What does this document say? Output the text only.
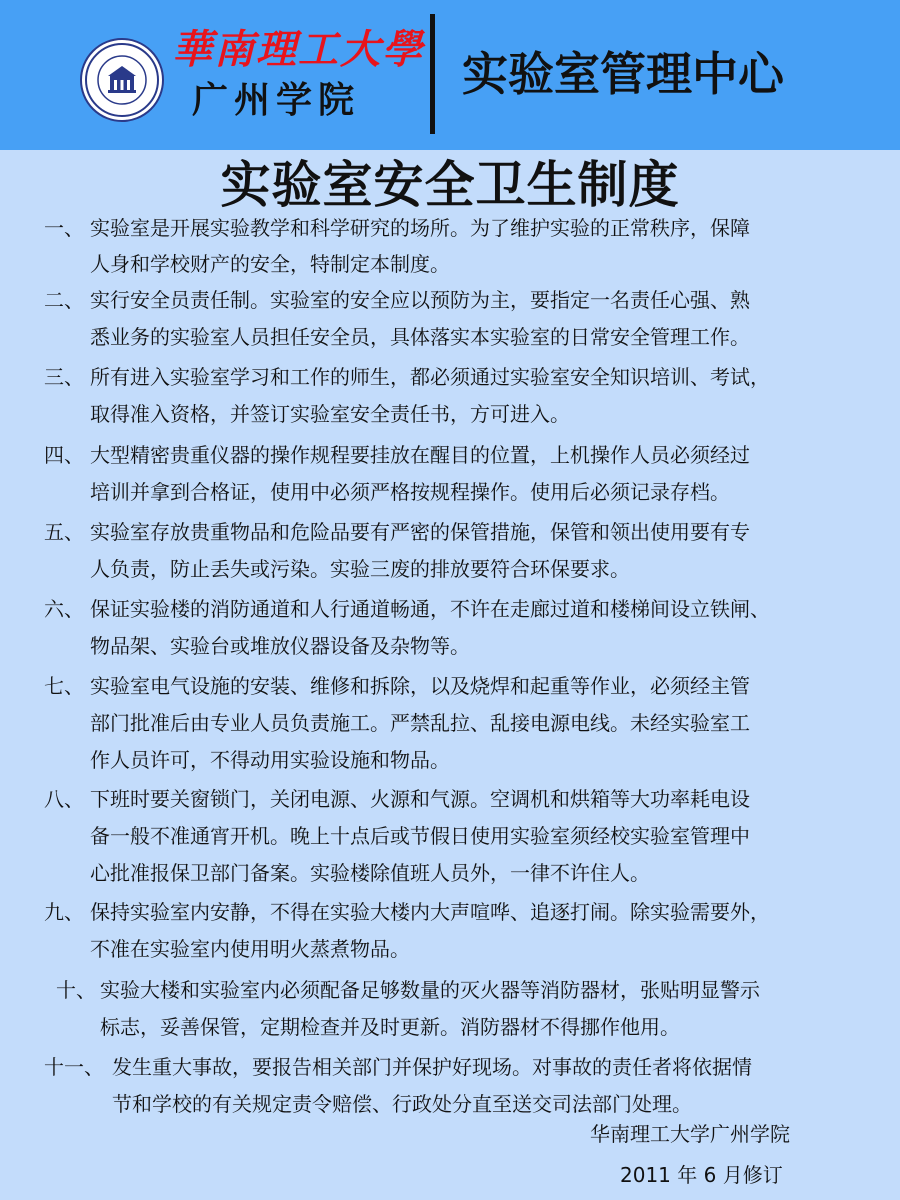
華南理工大學
广州学院	实验室管理中心
实验室安全卫生制度
一、 实验室是开展实验教学和科学研究的场所。为了维护实验的正常秩序，保障
人身和学校财产的安全，特制定本制度。
二、 实行安全员责任制。实验室的安全应以预防为主，要指定一名责任心强、熟
悉业务的实验室人员担任安全员，具体落实本实验室的日常安全管理工作。
三、 所有进入实验室学习和工作的师生，都必须通过实验室安全知识培训、考试，
取得准入资格，并签订实验室安全责任书，方可进入。
四、 大型精密贵重仪器的操作规程要挂放在醒目的位置，上机操作人员必须经过
培训并拿到合格证，使用中必须严格按规程操作。使用后必须记录存档。
五、 实验室存放贵重物品和危险品要有严密的保管措施，保管和领出使用要有专
人负责，防止丢失或污染。实验三废的排放要符合环保要求。
六、 保证实验楼的消防通道和人行通道畅通，不许在走廊过道和楼梯间设立铁闸、
物品架、实验台或堆放仪器设备及杂物等。
七、 实验室电气设施的安装、维修和拆除，以及烧焊和起重等作业，必须经主管
部门批准后由专业人员负责施工。严禁乱拉、乱接电源电线。未经实验室工
作人员许可，不得动用实验设施和物品。
八、 下班时要关窗锁门，关闭电源、火源和气源。空调机和烘箱等大功率耗电设
备一般不准通宵开机。晚上十点后或节假日使用实验室须经校实验室管理中
心批准报保卫部门备案。实验楼除值班人员外，一律不许住人。
九、 保持实验室内安静，不得在实验大楼内大声喧哗、追逐打闹。除实验需要外，
不准在实验室内使用明火蒸煮物品。
十、 实验大楼和实验室内必须配备足够数量的灭火器等消防器材，张贴明显警示
标志，妥善保管，定期检查并及时更新。消防器材不得挪作他用。
十一、 发生重大事故，要报告相关部门并保护好现场。对事故的责任者将依据情
节和学校的有关规定责令赔偿、行政处分直至送交司法部门处理。
华南理工大学广州学院
2011 年 6 月修订
